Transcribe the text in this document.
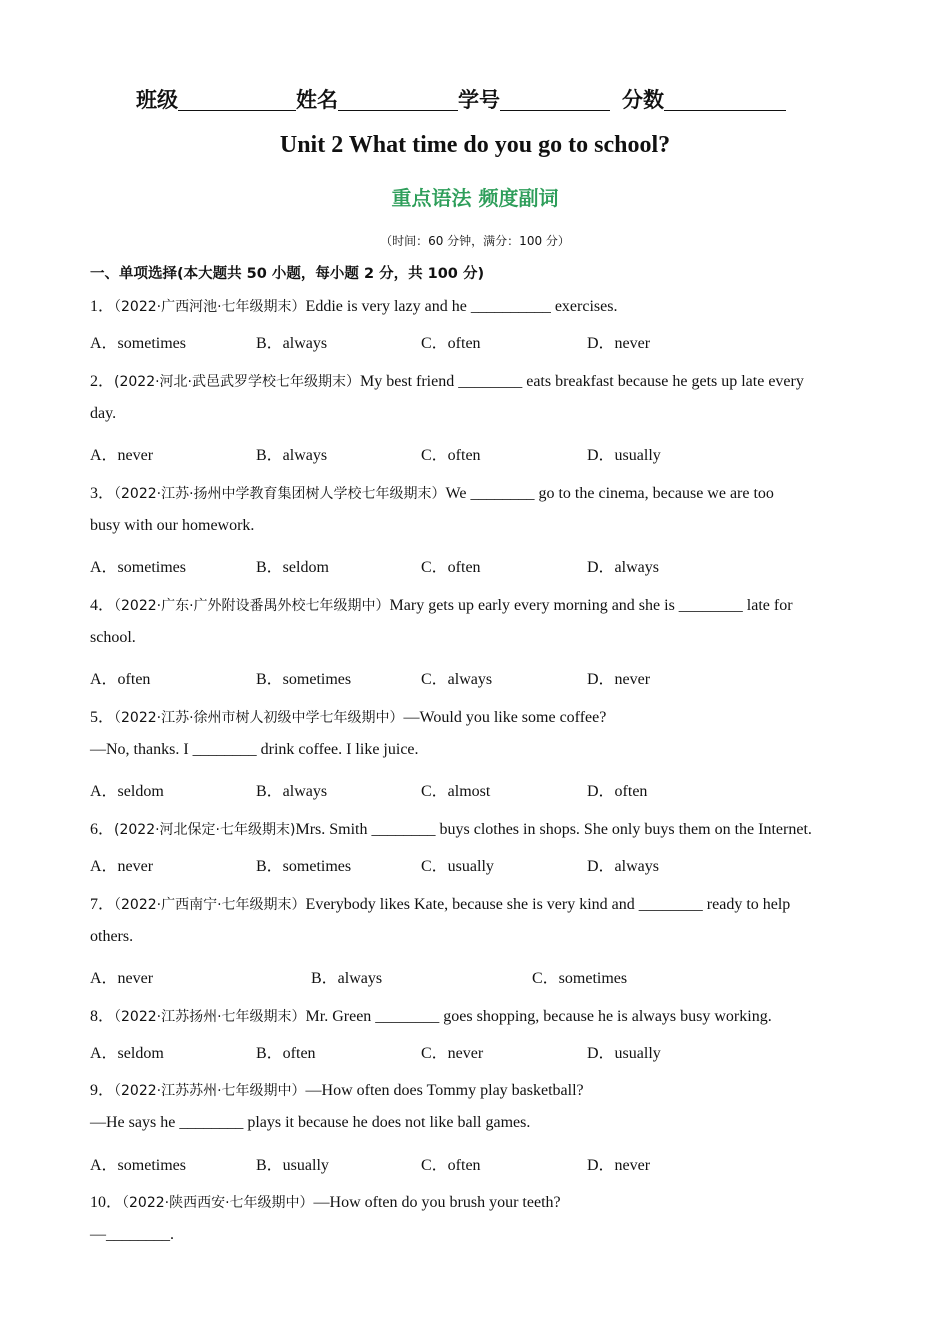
班级	姓名	学号	分数
Unit 2 What time do you go to school?
重点语法 频度副词
（时间：60 分钟，满分：100 分）
一、单项选择(本大题共 50 小题，每小题 2 分，共 100 分)
1．（2022·广西河池·七年级期末）Eddie is very lazy and he __________ exercises.
A．sometimes	B．always	C．often	D．never
2．(2022·河北·武邑武罗学校七年级期末）My best friend ________ eats breakfast because he gets up late every
day.
A．never	B．always	C．often	D．usually
3．（2022·江苏·扬州中学教育集团树人学校七年级期末）We ________ go to the cinema, because we are too
busy with our homework.
A．sometimes	B．seldom	C．often	D．always
4．（2022·广东·广外附设番禺外校七年级期中）Mary gets up early every morning and she is ________ late for
school.
A．often	B．sometimes	C．always	D．never
5．（2022·江苏·徐州市树人初级中学七年级期中）—Would you like some coffee?
—No, thanks. I ________ drink coffee. I like juice.
A．seldom	B．always	C．almost	D．often
6．(2022·河北保定·七年级期末)Mrs. Smith ________ buys clothes in shops. She only buys them on the Internet.
A．never	B．sometimes	C．usually	D．always
7．（2022·广西南宁·七年级期末）Everybody likes Kate, because she is very kind and ________ ready to help
others.
A．never	B．always	C．sometimes
8．（2022·江苏扬州·七年级期末）Mr. Green ________ goes shopping, because he is always busy working.
A．seldom	B．often	C．never	D．usually
9．（2022·江苏苏州·七年级期中）—How often does Tommy play basketball?
—He says he ________ plays it because he does not like ball games.
A．sometimes	B．usually	C．often	D．never
10．（2022·陕西西安·七年级期中）—How often do you brush your teeth?
—________.
